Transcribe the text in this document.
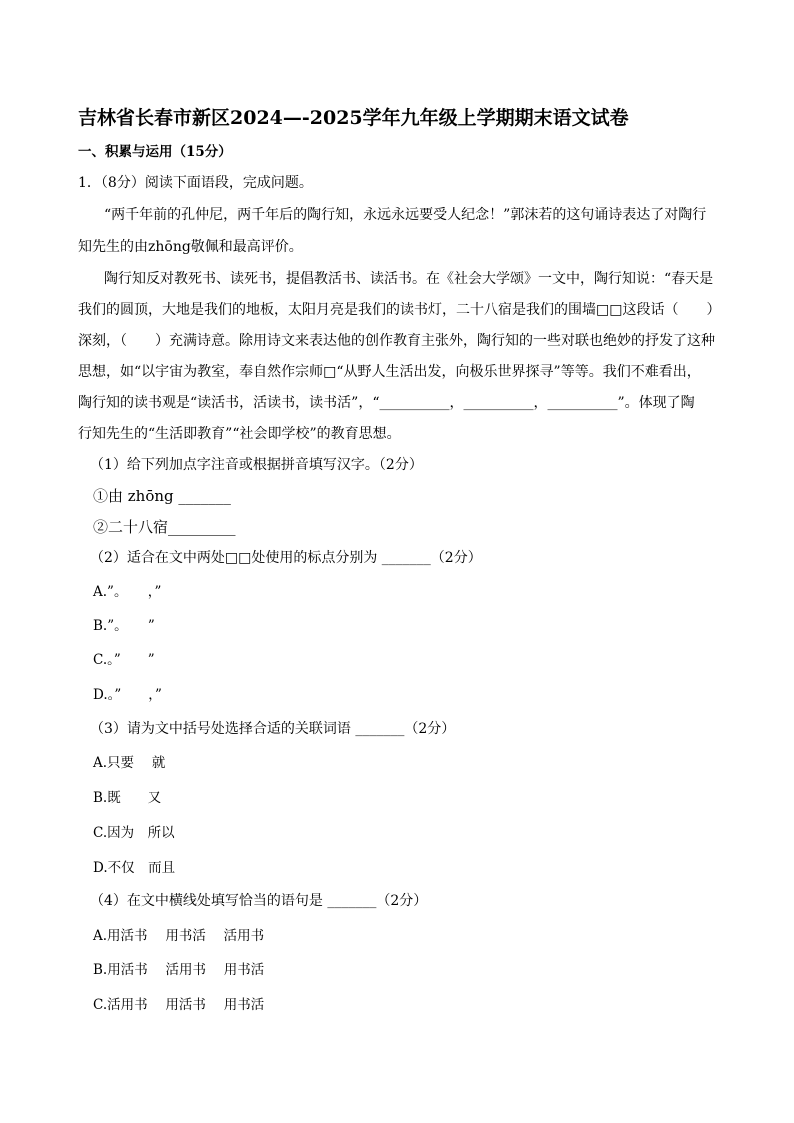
吉林省长春市新区2024—-2025学年九年级上学期期末语文试卷
一、积累与运用（15分）
1．（8分）阅读下面语段，完成问题。
“两千年前的孔仲尼，两千年后的陶行知，永远永远要受人纪念！”郭沫若的这句诵诗表达了对陶行
知先生的由zhōng敬佩和最高评价。
陶行知反对教死书、读死书，提倡教活书、读活书。在《社会大学颂》一文中，陶行知说：“春天是
我们的圆顶，大地是我们的地板，太阳月亮是我们的读书灯，二十八宿是我们的围墙□□这段话（　　）
深刻，（　　）充满诗意。除用诗文来表达他的创作教育主张外，陶行知的一些对联也绝妙的抒发了这种
思想，如“以宇宙为教室，奉自然作宗师□“从野人生活出发，向极乐世界探寻”等等。我们不难看出，
陶行知的读书观是“读活书，活读书，读书活”，“__________，__________，__________”。体现了陶
行知先生的“生活即教育”“社会即学校”的教育思想。
（1）给下列加点字注音或根据拼音填写汉字。（2分）
①由 zhōng _______
②二十八宿_________
（2）适合在文中两处□□处使用的标点分别为 _______（2分）
A.”。　　，”
B.”。　　”
C.。”　　”
D.。”　　，”
（3）请为文中括号处选择合适的关联词语 _______（2分）
A.只要　 就
B.既　　又
C.因为　所以
D.不仅　而且
（4）在文中横线处填写恰当的语句是 _______（2分）
A.用活书　 用书活　 活用书
B.用活书　 活用书　 用书活
C.活用书　 用活书　 用书活
